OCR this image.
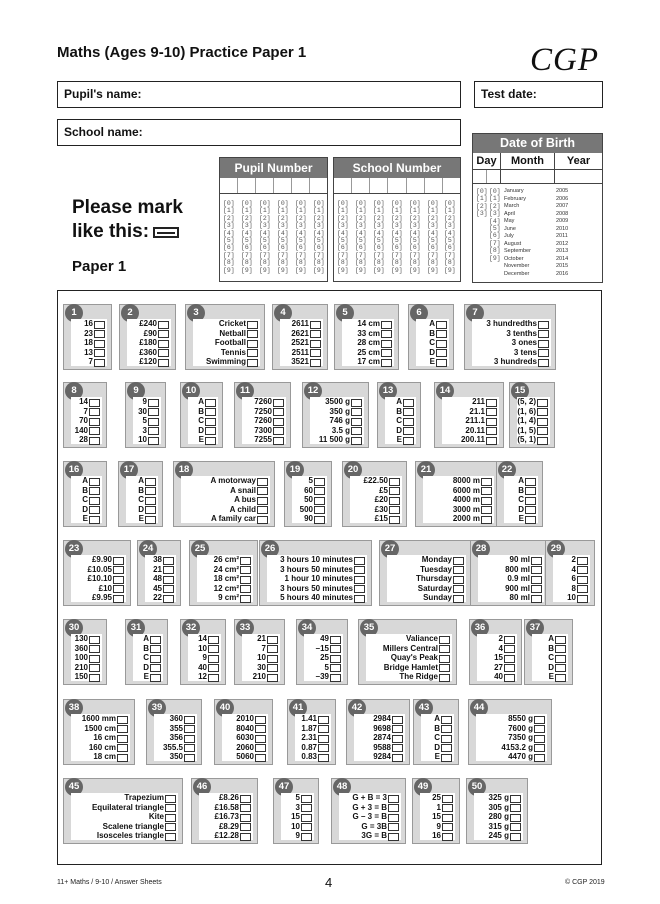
Maths (Ages 9-10) Practice Paper 1	CGP
Pupil's name:	Test date:
School name:
Pupil Number
[0]
[1]
[2]
[3]
[4]
[5]
[6]
[7]
[8]
[9]
[0]
[1]
[2]
[3]
[4]
[5]
[6]
[7]
[8]
[9]
[0]
[1]
[2]
[3]
[4]
[5]
[6]
[7]
[8]
[9]
[0]
[1]
[2]
[3]
[4]
[5]
[6]
[7]
[8]
[9]
[0]
[1]
[2]
[3]
[4]
[5]
[6]
[7]
[8]
[9]
[0]
[1]
[2]
[3]
[4]
[5]
[6]
[7]
[8]
[9]
School Number
[0]
[1]
[2]
[3]
[4]
[5]
[6]
[7]
[8]
[9]
[0]
[1]
[2]
[3]
[4]
[5]
[6]
[7]
[8]
[9]
[0]
[1]
[2]
[3]
[4]
[5]
[6]
[7]
[8]
[9]
[0]
[1]
[2]
[3]
[4]
[5]
[6]
[7]
[8]
[9]
[0]
[1]
[2]
[3]
[4]
[5]
[6]
[7]
[8]
[9]
[0]
[1]
[2]
[3]
[4]
[5]
[6]
[7]
[8]
[9]
[0]
[1]
[2]
[3]
[4]
[5]
[6]
[7]
[8]
[9]
Date of Birth
Day	Month	Year
[0]
[1]
[2]
[3]
[0]
[1]
[2]
[3]
[4]
[5]
[6]
[7]
[8]
[9]
January
February
March
April
May
June
July
August
September
October
November
December
2005
2006
2007
2008
2009
2010
2011
2012
2013
2014
2015
2016
Please mark
like this:
Paper 1
1
16
23
18
13
7
2
£240
£90
£180
£360
£120
3
Cricket
Netball
Football
Tennis
Swimming
4
2611
2621
2521
2511
3521
5
14 cm
33 cm
28 cm
25 cm
17 cm
6
A
B
C
D
E
7
3 hundredths
3 tenths
3 ones
3 tens
3 hundreds
8
14
7
70
140
28
9
9
30
5
3
10
10
A
B
C
D
E
11
7260
7250
7260
7300
7255
12
3500 g
350 g
746 g
3.5 g
11 500 g
13
A
B
C
D
E
14
211
21.1
211.1
20.11
200.11
15
(5, 2)
(1, 6)
(1, 4)
(1, 5)
(5, 1)
16
A
B
C
D
E
17
A
B
C
D
E
18
A motorway
A snail
A bus
A child
A family car
19
5
60
50
500
90
20
£22.50
£5
£20
£30
£15
21
8000 m
6000 m
4000 m
3000 m
2000 m
22
A
B
C
D
E
23
£9.90
£10.05
£10.10
£10
£9.95
24
38
21
48
45
22
25
26 cm²
24 cm²
18 cm²
12 cm²
9 cm²
26
3 hours 10 minutes
3 hours 50 minutes
1 hour 10 minutes
3 hours 50 minutes
5 hours 40 minutes
27
Monday
Tuesday
Thursday
Saturday
Sunday
28
90 ml
800 ml
0.9 ml
900 ml
80 ml
29
2
4
6
8
10
30
130
360
100
210
150
31
A
B
C
D
E
32
14
10
9
40
12
33
21
7
10
30
210
34
49
–15
25
5
–39
35
Valiance
Millers Central
Quay's Peak
Bridge Hamlet
The Ridge
36
2
4
15
27
40
37
A
B
C
D
E
38
1600 mm
1500 cm
16 cm
160 cm
18 cm
39
360
355
356
355.5
350
40
2010
8040
6030
2060
5060
41
1.41
1.87
2.31
0.87
0.83
42
2984
9698
2874
9588
9284
43
A
B
C
D
E
44
8550 g
7600 g
7350 g
4153.2 g
4470 g
45
Trapezium
Equilateral triangle
Kite
Scalene triangle
Isosceles triangle
46
£8.26
£16.58
£16.73
£8.29
£12.28
47
5
3
15
10
9
48
G + B = 3
G + 3 = B
G – 3 = B
G = 3B
3G = B
49
25
1
15
9
16
50
325 g
305 g
280 g
315 g
245 g
11+ Maths / 9-10 / Answer Sheets	4	© CGP 2019
